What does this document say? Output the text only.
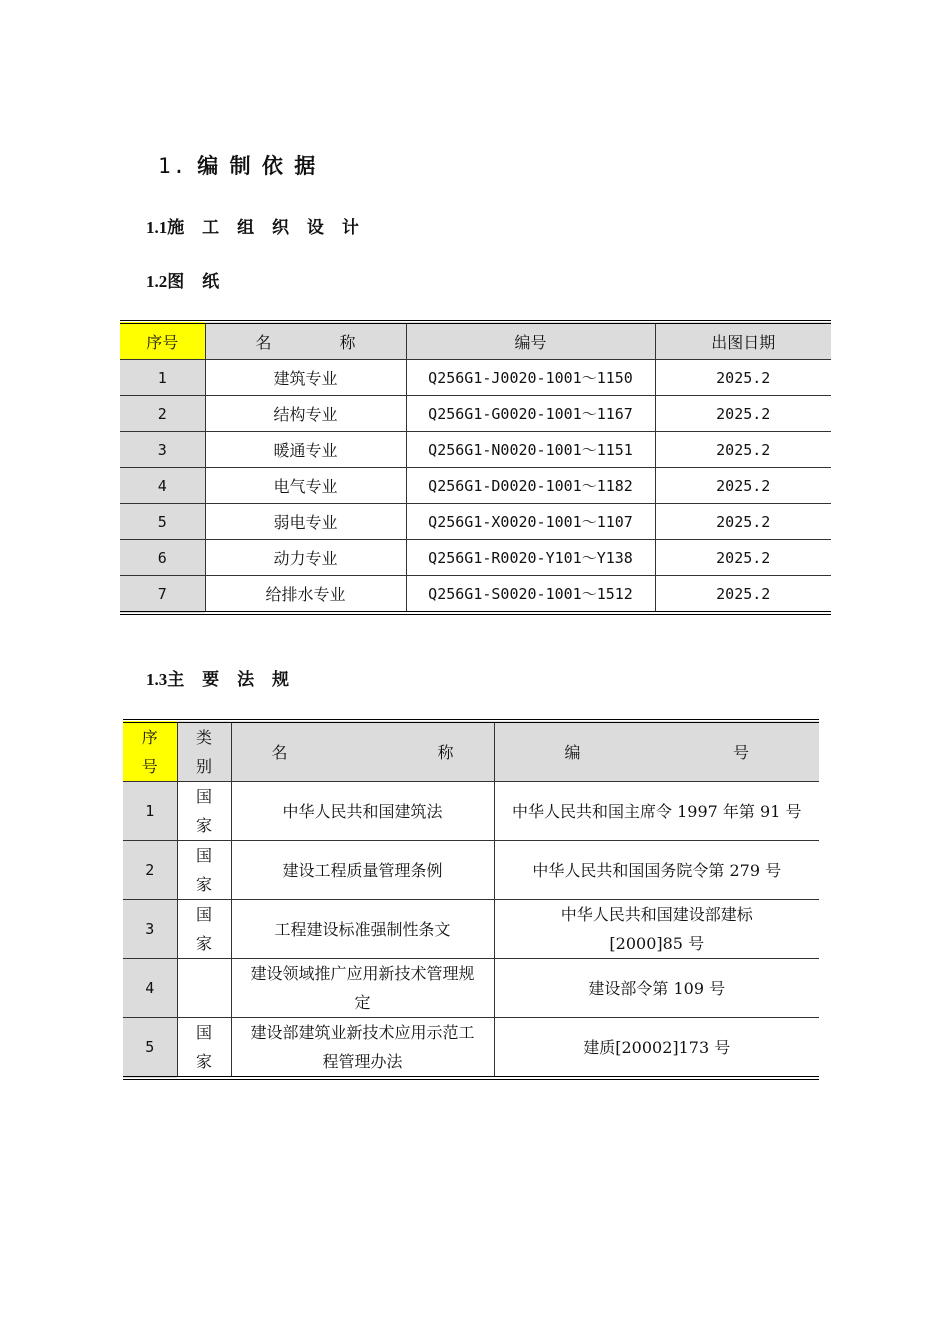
1. 编 制 依 据
1.1施 工 组 织 设 计
1.2图 纸
序号	名 称	编号	出图日期
1	建筑专业	Q256G1-J0020-1001～1150	2025.2
2	结构专业	Q256G1-G0020-1001～1167	2025.2
3	暖通专业	Q256G1-N0020-1001～1151	2025.2
4	电气专业	Q256G1-D0020-1001～1182	2025.2
5	弱电专业	Q256G1-X0020-1001～1107	2025.2
6	动力专业	Q256G1-R0020-Y101～Y138	2025.2
7	给排水专业	Q256G1-S0020-1001～1512	2025.2
1.3主 要 法 规
序号	类别	名 称	编 号

1	国家	中华人民共和国建筑法	中华人民共和国主席令 1997 年第 91 号
2	国家	建设工程质量管理条例	中华人民共和国国务院令第 279 号
3	国家	工程建设标准强制性条文	中华人民共和国建设部建标[2000]85 号
4		建设领域推广应用新技术管理规定	建设部令第 109 号
5	国家	建设部建筑业新技术应用示范工程管理办法	建质[20002]173 号
